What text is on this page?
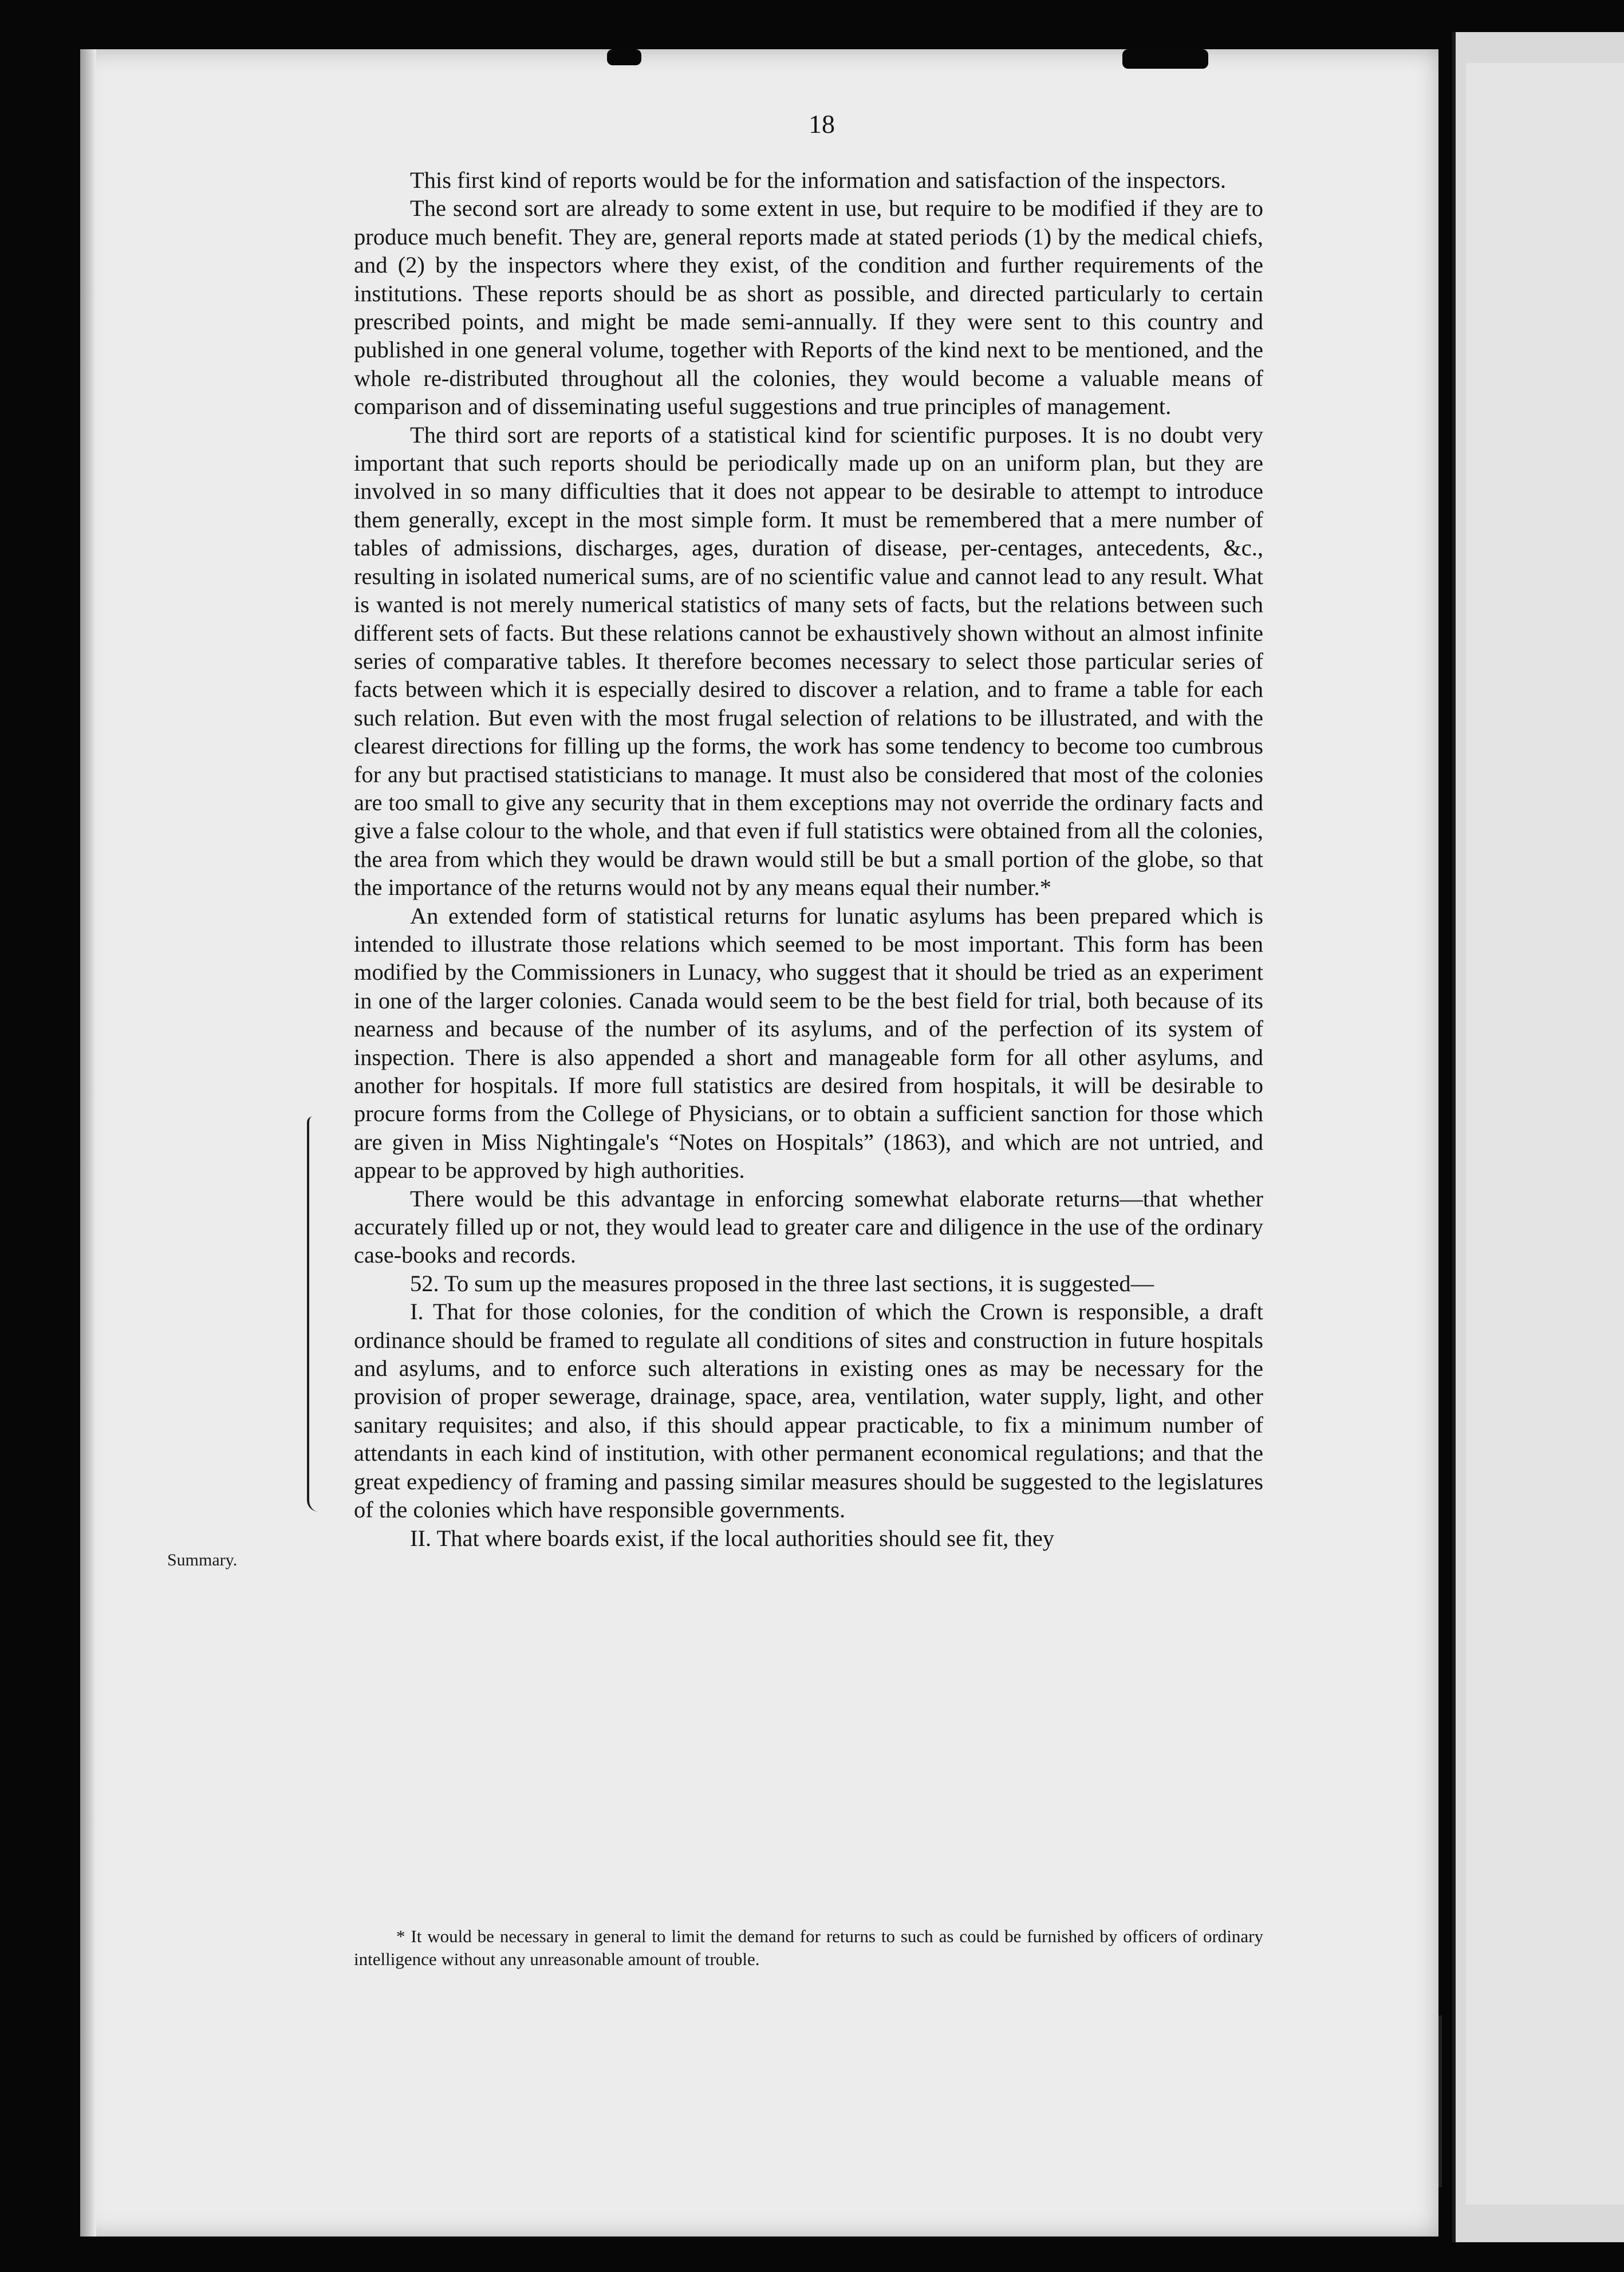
18
Summary.

This first kind of reports would be for the information and satisfaction of the inspectors.

The second sort are already to some extent in use, but require to be modified if they are to produce much benefit. They are, general reports made at stated periods (1) by the medical chiefs, and (2) by the inspectors where they exist, of the condition and further requirements of the institutions. These reports should be as short as possible, and directed particularly to certain prescribed points, and might be made semi-annually. If they were sent to this country and published in one general volume, together with Reports of the kind next to be mentioned, and the whole re-distributed throughout all the colonies, they would become a valuable means of comparison and of disseminating useful suggestions and true principles of management.

The third sort are reports of a statistical kind for scientific purposes. It is no doubt very important that such reports should be periodically made up on an uniform plan, but they are involved in so many difficulties that it does not appear to be desirable to attempt to introduce them generally, except in the most simple form. It must be remembered that a mere number of tables of admissions, discharges, ages, duration of disease, per-centages, antecedents, &c., resulting in isolated numerical sums, are of no scientific value and cannot lead to any result. What is wanted is not merely numerical statistics of many sets of facts, but the relations between such different sets of facts. But these relations cannot be exhaustively shown without an almost infinite series of comparative tables. It therefore becomes necessary to select those particular series of facts between which it is especially desired to discover a relation, and to frame a table for each such relation. But even with the most frugal selection of relations to be illustrated, and with the clearest directions for filling up the forms, the work has some tendency to become too cumbrous for any but practised statisticians to manage. It must also be considered that most of the colonies are too small to give any security that in them exceptions may not override the ordinary facts and give a false colour to the whole, and that even if full statistics were obtained from all the colonies, the area from which they would be drawn would still be but a small portion of the globe, so that the importance of the returns would not by any means equal their number.*

An extended form of statistical returns for lunatic asylums has been prepared which is intended to illustrate those relations which seemed to be most important. This form has been modified by the Commissioners in Lunacy, who suggest that it should be tried as an experiment in one of the larger colonies. Canada would seem to be the best field for trial, both because of its nearness and because of the number of its asylums, and of the perfection of its system of inspection. There is also appended a short and manageable form for all other asylums, and another for hospitals. If more full statistics are desired from hospitals, it will be desirable to procure forms from the College of Physicians, or to obtain a sufficient sanction for those which are given in Miss Nightingale's “Notes on Hospitals” (1863), and which are not untried, and appear to be approved by high authorities.

There would be this advantage in enforcing somewhat elaborate returns—that whether accurately filled up or not, they would lead to greater care and diligence in the use of the ordinary case-books and records.

52. To sum up the measures proposed in the three last sections, it is suggested—

I. That for those colonies, for the condition of which the Crown is responsible, a draft ordinance should be framed to regulate all conditions of sites and construction in future hospitals and asylums, and to enforce such alterations in existing ones as may be necessary for the provision of proper sewerage, drainage, space, area, ventilation, water supply, light, and other sanitary requisites; and also, if this should appear practicable, to fix a minimum number of attendants in each kind of institution, with other permanent economical regulations; and that the great expediency of framing and passing similar measures should be suggested to the legislatures of the colonies which have responsible governments.

II. That where boards exist, if the local authorities should see fit, they

* It would be necessary in general to limit the demand for returns to such as could be furnished by officers of ordinary intelligence without any unreasonable amount of trouble.
